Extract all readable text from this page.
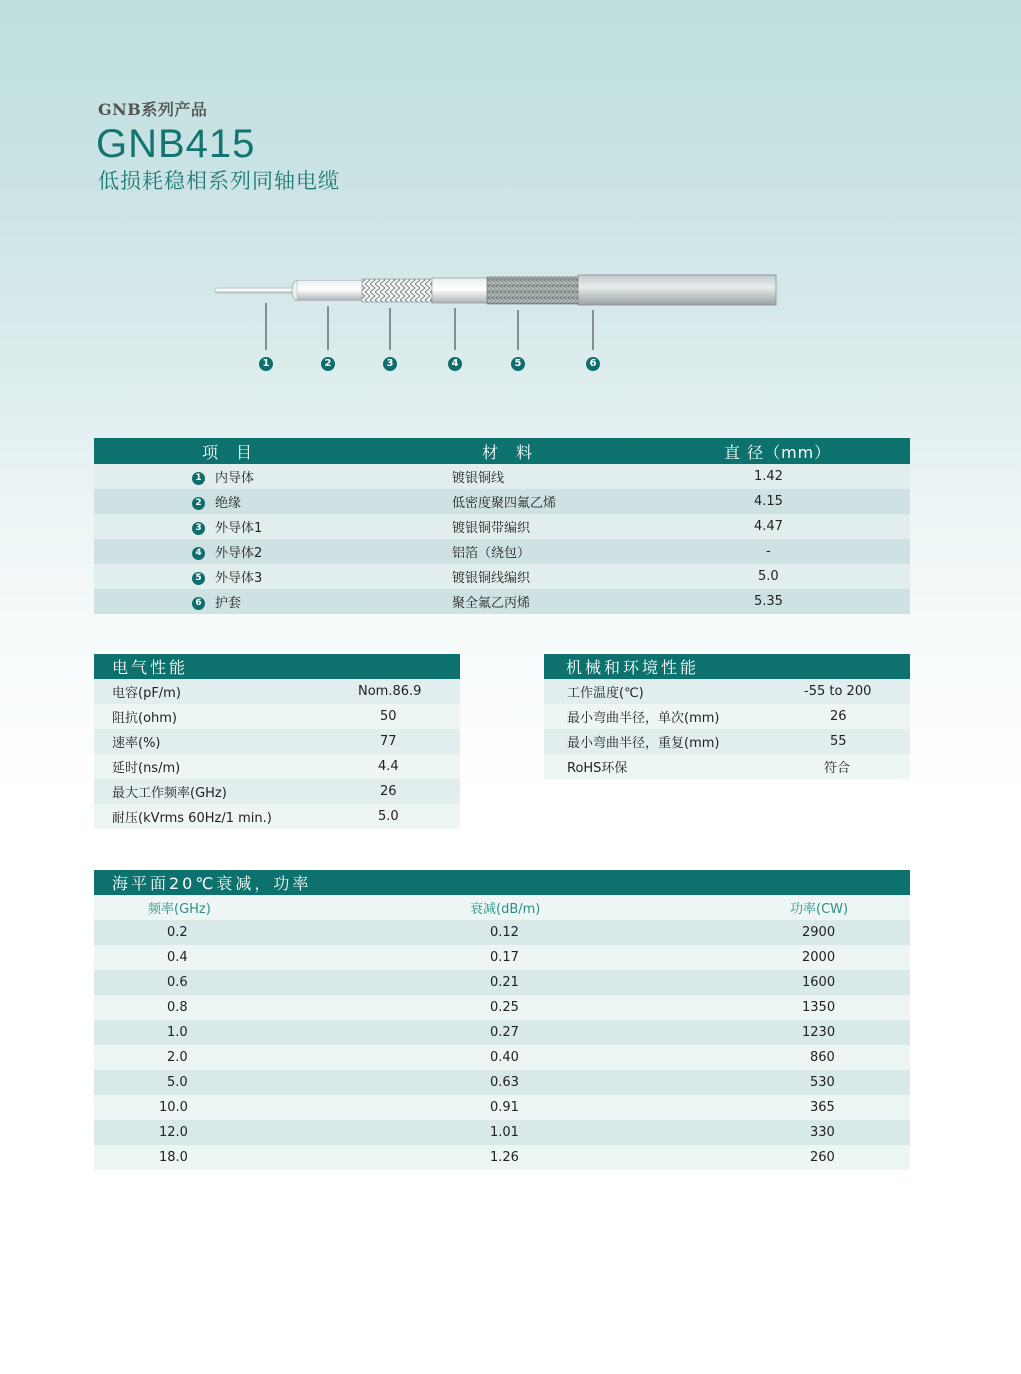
GNB系列产品
GNB415
低损耗稳相系列同轴电缆
1	2	3	4	5	6
项　目	材　料	直 径（mm）
1 内导体	镀银铜线	1.42
2 绝缘	低密度聚四氟乙烯	4.15
3 外导体1	镀银铜带编织	4.47
4 外导体2	铝箔（绕包）	-
5 外导体3	镀银铜线编织	5.0
6 护套	聚全氟乙丙烯	5.35
电气性能	
电容(pF/m)	Nom.86.9
阻抗(ohm)	50
速率(%)	77
延时(ns/m)	4.4
最大工作频率(GHz)	26
耐压(kVrms 60Hz/1 min.)	5.0
机械和环境性能	
工作温度(℃)	-55 to 200
最小弯曲半径，单次(mm)	26
最小弯曲半径，重复(mm)	55
RoHS环保	符合
海平面20℃衰减，功率		
频率(GHz)	衰减(dB/m)	功率(CW)
0.2	0.12	2900
0.4	0.17	2000
0.6	0.21	1600
0.8	0.25	1350
1.0	0.27	1230
2.0	0.40	860
5.0	0.63	530
10.0	0.91	365
12.0	1.01	330
18.0	1.26	260
